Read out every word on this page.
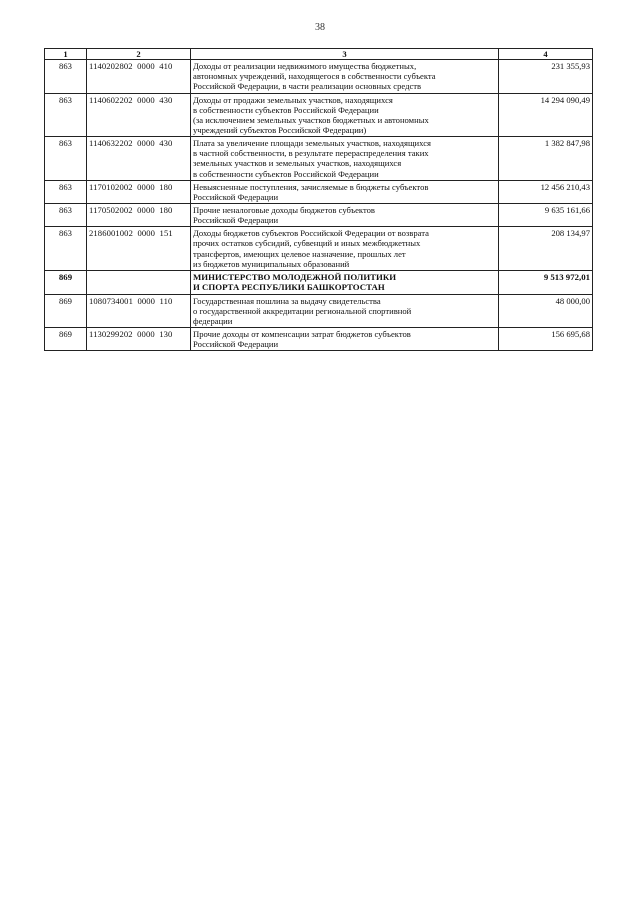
38
1	2	3	4
863	1140202802  0000  410	Доходы от реализации недвижимого имущества бюджетных,
автономных учреждений, находящегося в собственности субъекта
Российской Федерации, в части реализации основных средств	231 355,93
863	1140602202  0000  430	Доходы от продажи земельных участков, находящихся
в собственности субъектов Российской Федерации
(за исключением земельных участков бюджетных и автономных
учреждений субъектов Российской Федерации)	14 294 090,49
863	1140632202  0000  430	Плата за увеличение площади земельных участков, находящихся
в частной собственности, в результате перераспределения таких
земельных участков и земельных участков, находящихся
в собственности субъектов Российской Федерации	1 382 847,98
863	1170102002  0000  180	Невыясненные поступления, зачисляемые в бюджеты субъектов
Российской Федерации	12 456 210,43
863	1170502002  0000  180	Прочие неналоговые доходы бюджетов субъектов
Российской Федерации	9 635 161,66
863	2186001002  0000  151	Доходы бюджетов субъектов Российской Федерации от возврата
прочих остатков субсидий, субвенций и иных межбюджетных
трансфертов, имеющих целевое назначение, прошлых лет
из бюджетов муниципальных образований	208 134,97
869		МИНИСТЕРСТВО МОЛОДЕЖНОЙ ПОЛИТИКИ
И СПОРТА РЕСПУБЛИКИ БАШКОРТОСТАН	9 513 972,01
869	1080734001  0000  110	Государственная пошлина за выдачу свидетельства
о государственной аккредитации региональной спортивной
федерации	48 000,00
869	1130299202  0000  130	Прочие доходы от компенсации затрат бюджетов субъектов
Российской Федерации	156 695,68
